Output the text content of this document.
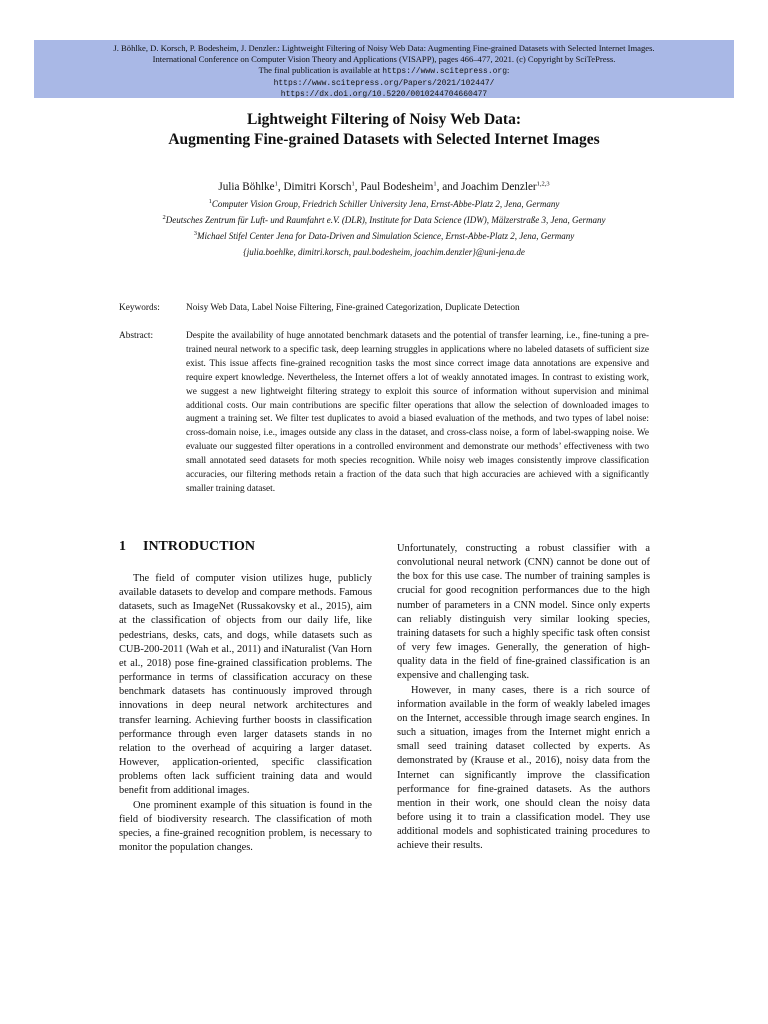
J. Böhlke, D. Korsch, P. Bodesheim, J. Denzler.: Lightweight Filtering of Noisy Web Data: Augmenting Fine-grained Datasets with Selected Internet Images.
International Conference on Computer Vision Theory and Applications (VISAPP), pages 466–477, 2021. (c) Copyright by SciTePress.
The final publication is available at https://www.scitepress.org:
https://www.scitepress.org/Papers/2021/102447/
https://dx.doi.org/10.5220/0010244704660477
Lightweight Filtering of Noisy Web Data:
Augmenting Fine-grained Datasets with Selected Internet Images
Julia Böhlke$^1$, Dimitri Korsch$^1$, Paul Bodesheim$^1$, and Joachim Denzler$^{1,2,3}$
$^1$Computer Vision Group, Friedrich Schiller University Jena, Ernst-Abbe-Platz 2, Jena, Germany
$^2$Deutsches Zentrum für Luft- und Raumfahrt e.V. (DLR), Institute for Data Science (IDW), Mälzerstraße 3, Jena, Germany
$^3$Michael Stifel Center Jena for Data-Driven and Simulation Science, Ernst-Abbe-Platz 2, Jena, Germany
{julia.boehlke, dimitri.korsch, paul.bodesheim, joachim.denzler}@uni-jena.de
Keywords:	Noisy Web Data, Label Noise Filtering, Fine-grained Categorization, Duplicate Detection
Abstract:	Despite the availability of huge annotated benchmark datasets and the potential of transfer learning, i.e., fine-tuning a pre-trained neural network to a specific task, deep learning struggles in applications where no labeled datasets of sufficient size exist. This issue affects fine-grained recognition tasks the most since correct image data annotations are expensive and require expert knowledge. Nevertheless, the Internet offers a lot of weakly annotated images. In contrast to existing work, we suggest a new lightweight filtering strategy to exploit this source of information without supervision and minimal additional costs. Our main contributions are specific filter operations that allow the selection of downloaded images to augment a training set. We filter test duplicates to avoid a biased evaluation of the methods, and two types of label noise: cross-domain noise, i.e., images outside any class in the dataset, and cross-class noise, a form of label-swapping noise. We evaluate our suggested filter operations in a controlled environment and demonstrate our methods’ effectiveness with two small annotated seed datasets for moth species recognition. While noisy web images consistently improve classification accuracies, our filtering methods retain a fraction of the data such that high accuracies are achieved with a significantly smaller training dataset.
1 INTRODUCTION

The field of computer vision utilizes huge, publicly available datasets to develop and compare methods. Famous datasets, such as ImageNet (Russakovsky et al., 2015), aim at the classification of objects from our daily life, like pedestrians, desks, cats, and dogs, while datasets such as CUB-200-2011 (Wah et al., 2011) and iNaturalist (Van Horn et al., 2018) pose fine-grained classification problems. The performance in terms of classification accuracy on these benchmark datasets has continuously improved through innovations in deep neural network architectures and transfer learning. Achieving further boosts in classification performance through even larger datasets stands in no relation to the overhead of acquiring a larger dataset. However, application-oriented, specific classification problems often lack sufficient training data and would benefit from additional images.

One prominent example of this situation is found in the field of biodiversity research. The classification of moth species, a fine-grained recognition problem, is necessary to monitor the population changes.

Unfortunately, constructing a robust classifier with a convolutional neural network (CNN) cannot be done out of the box for this use case. The number of training samples is crucial for good recognition performances due to the high number of parameters in a CNN model. Since only experts can reliably distinguish very similar looking species, training datasets for such a highly specific task often consist of very few images. Generally, the generation of high-quality data in the field of fine-grained classification is an expensive and challenging task.

However, in many cases, there is a rich source of information available in the form of weakly labeled images on the Internet, accessible through image search engines. In such a situation, images from the Internet might enrich a small seed training dataset collected by experts. As demonstrated by (Krause et al., 2016), noisy data from the Internet can significantly improve the classification performance for fine-grained datasets. As the authors mention in their work, one should clean the noisy data before using it to train a classification model. They use additional models and sophisticated training procedures to achieve their results.
